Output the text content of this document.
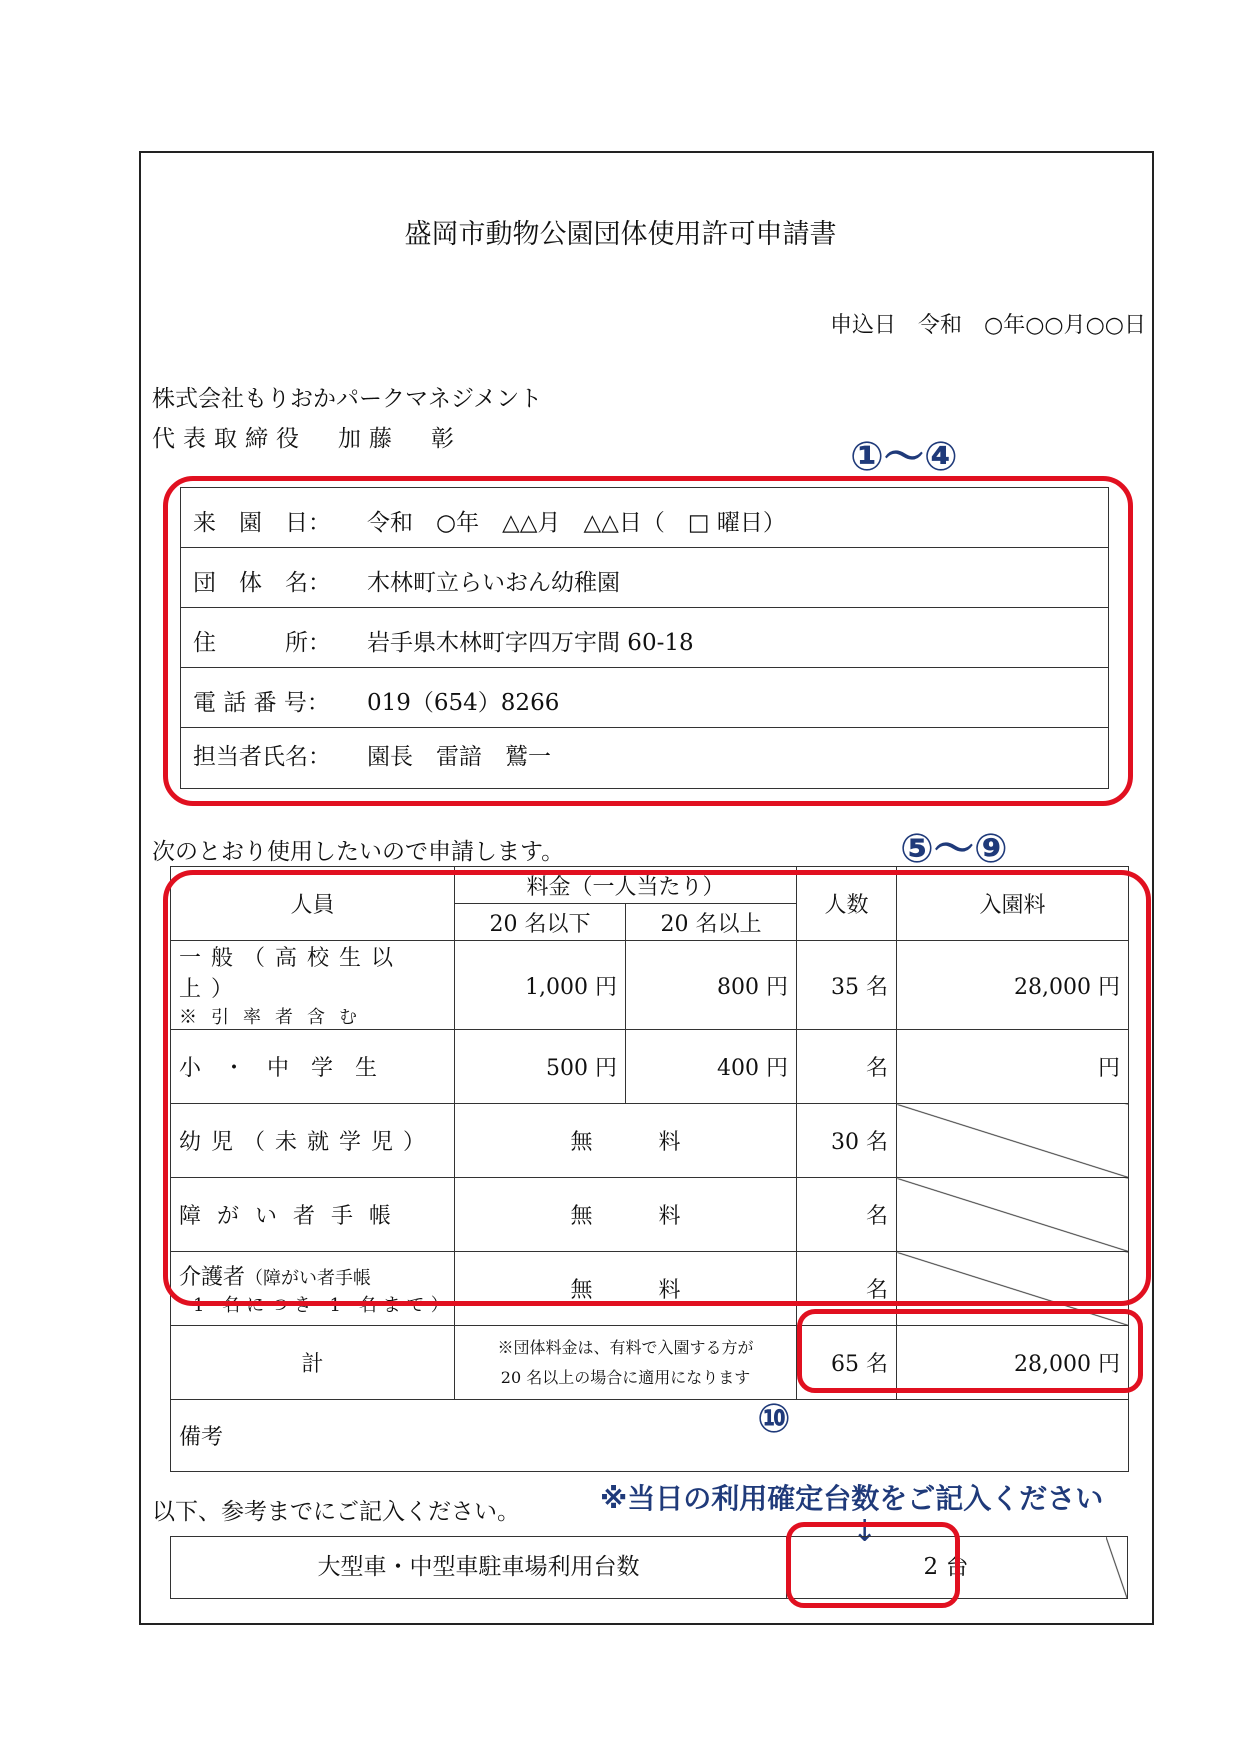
盛岡市動物公園団体使用許可申請書
申込日　令和　○年○○月○○日
株式会社もりおかパークマネジメント
代表取締役　加藤　彰
来　園　日： 令和　○年　△△月　△△日（　□ 曜日）
団　体　名： 木林町立らいおん幼稚園
住　　　所： 岩手県木林町字四万宇間 60-18
電 話 番 号： 019（654）8266
担当者氏名： 園長　雷諳　鷲一
次のとおり使用したいので申請します。
人員	料金（一人当たり）		人数	入園料
	20 名以下	20 名以上		

一般（高校生以上）
※引率者含む	1,000 円	800 円	35 名	28,000 円
小・中学生	500 円	400 円	名	円
幼児（未就学児）	無　　　料		30 名	
障がい者手帳	無　　　料		名	

介護者（障がい者手帳
1 名につき 1 名まで）	無　　　料		名	
計	※団体料金は、有料で入園する方が
20 名以上の場合に適用になります		65 名	28,000 円
備考				
以下、参考までにご記入ください。	※当日の利用確定台数をご記入ください
↓
大型車・中型車駐車場利用台数	2 台
①～④
⑤～⑨
⑩
